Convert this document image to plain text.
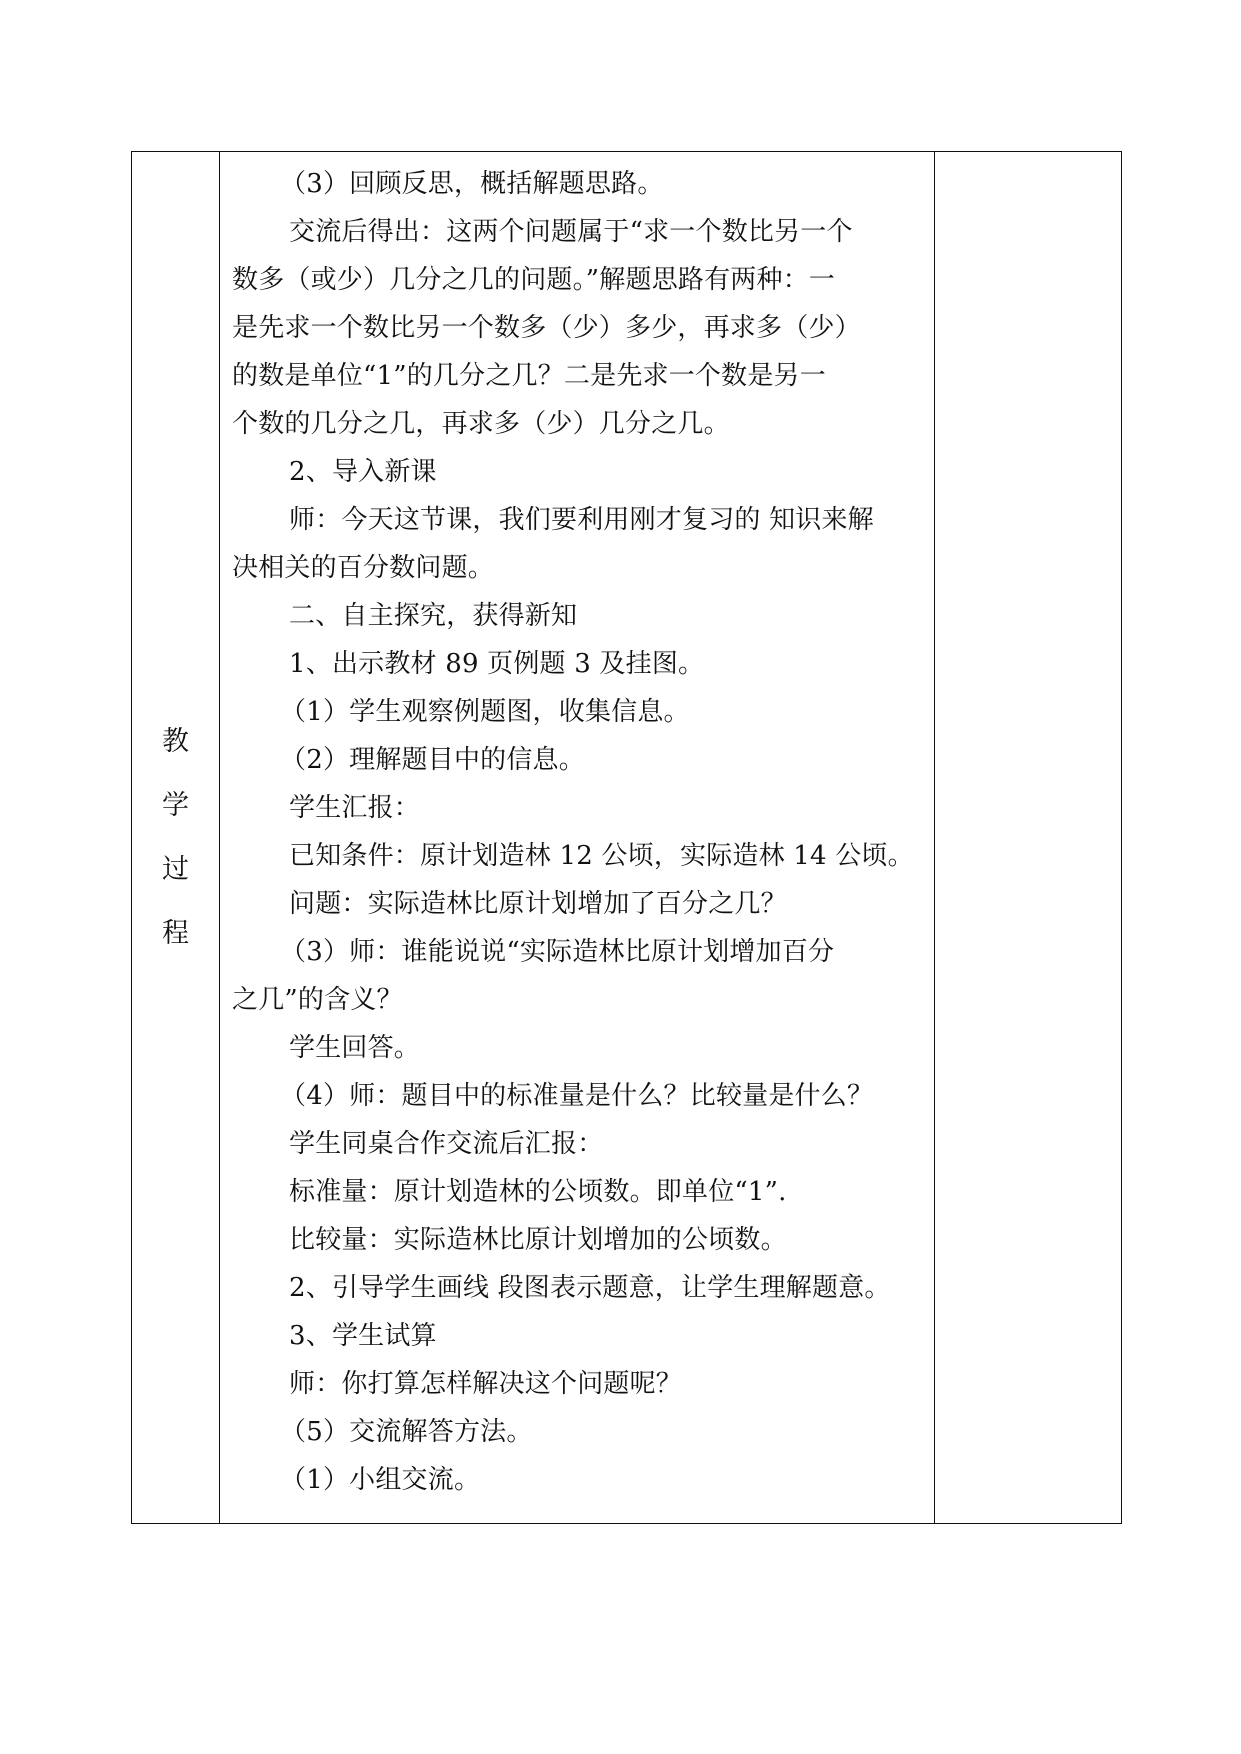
教
学
过
程
（3）回顾反思，概括解题思路。
交流后得出：这两个问题属于“求一个数比另一个
数多（或少）几分之几的问题。”解题思路有两种：一
是先求一个数比另一个数多（少）多少，再求多（少）
的数是单位“1”的几分之几？二是先求一个数是另一
个数的几分之几，再求多（少）几分之几。
2、导入新课
师：今天这节课，我们要利用刚才复习的 知识来解
决相关的百分数问题。
二、自主探究，获得新知
1、出示教材 89 页例题 3 及挂图。
（1）学生观察例题图，收集信息。
（2）理解题目中的信息。
学生汇报：
已知条件：原计划造林 12 公顷，实际造林 14 公顷。
问题：实际造林比原计划增加了百分之几？
（3）师：谁能说说“实际造林比原计划增加百分
之几”的含义？
学生回答。
（4）师：题目中的标准量是什么？比较量是什么？
学生同桌合作交流后汇报：
标准量：原计划造林的公顷数。即单位“1”.
比较量：实际造林比原计划增加的公顷数。
2、引导学生画线 段图表示题意，让学生理解题意。
3、学生试算
师：你打算怎样解决这个问题呢？
（5）交流解答方法。
（1）小组交流。
